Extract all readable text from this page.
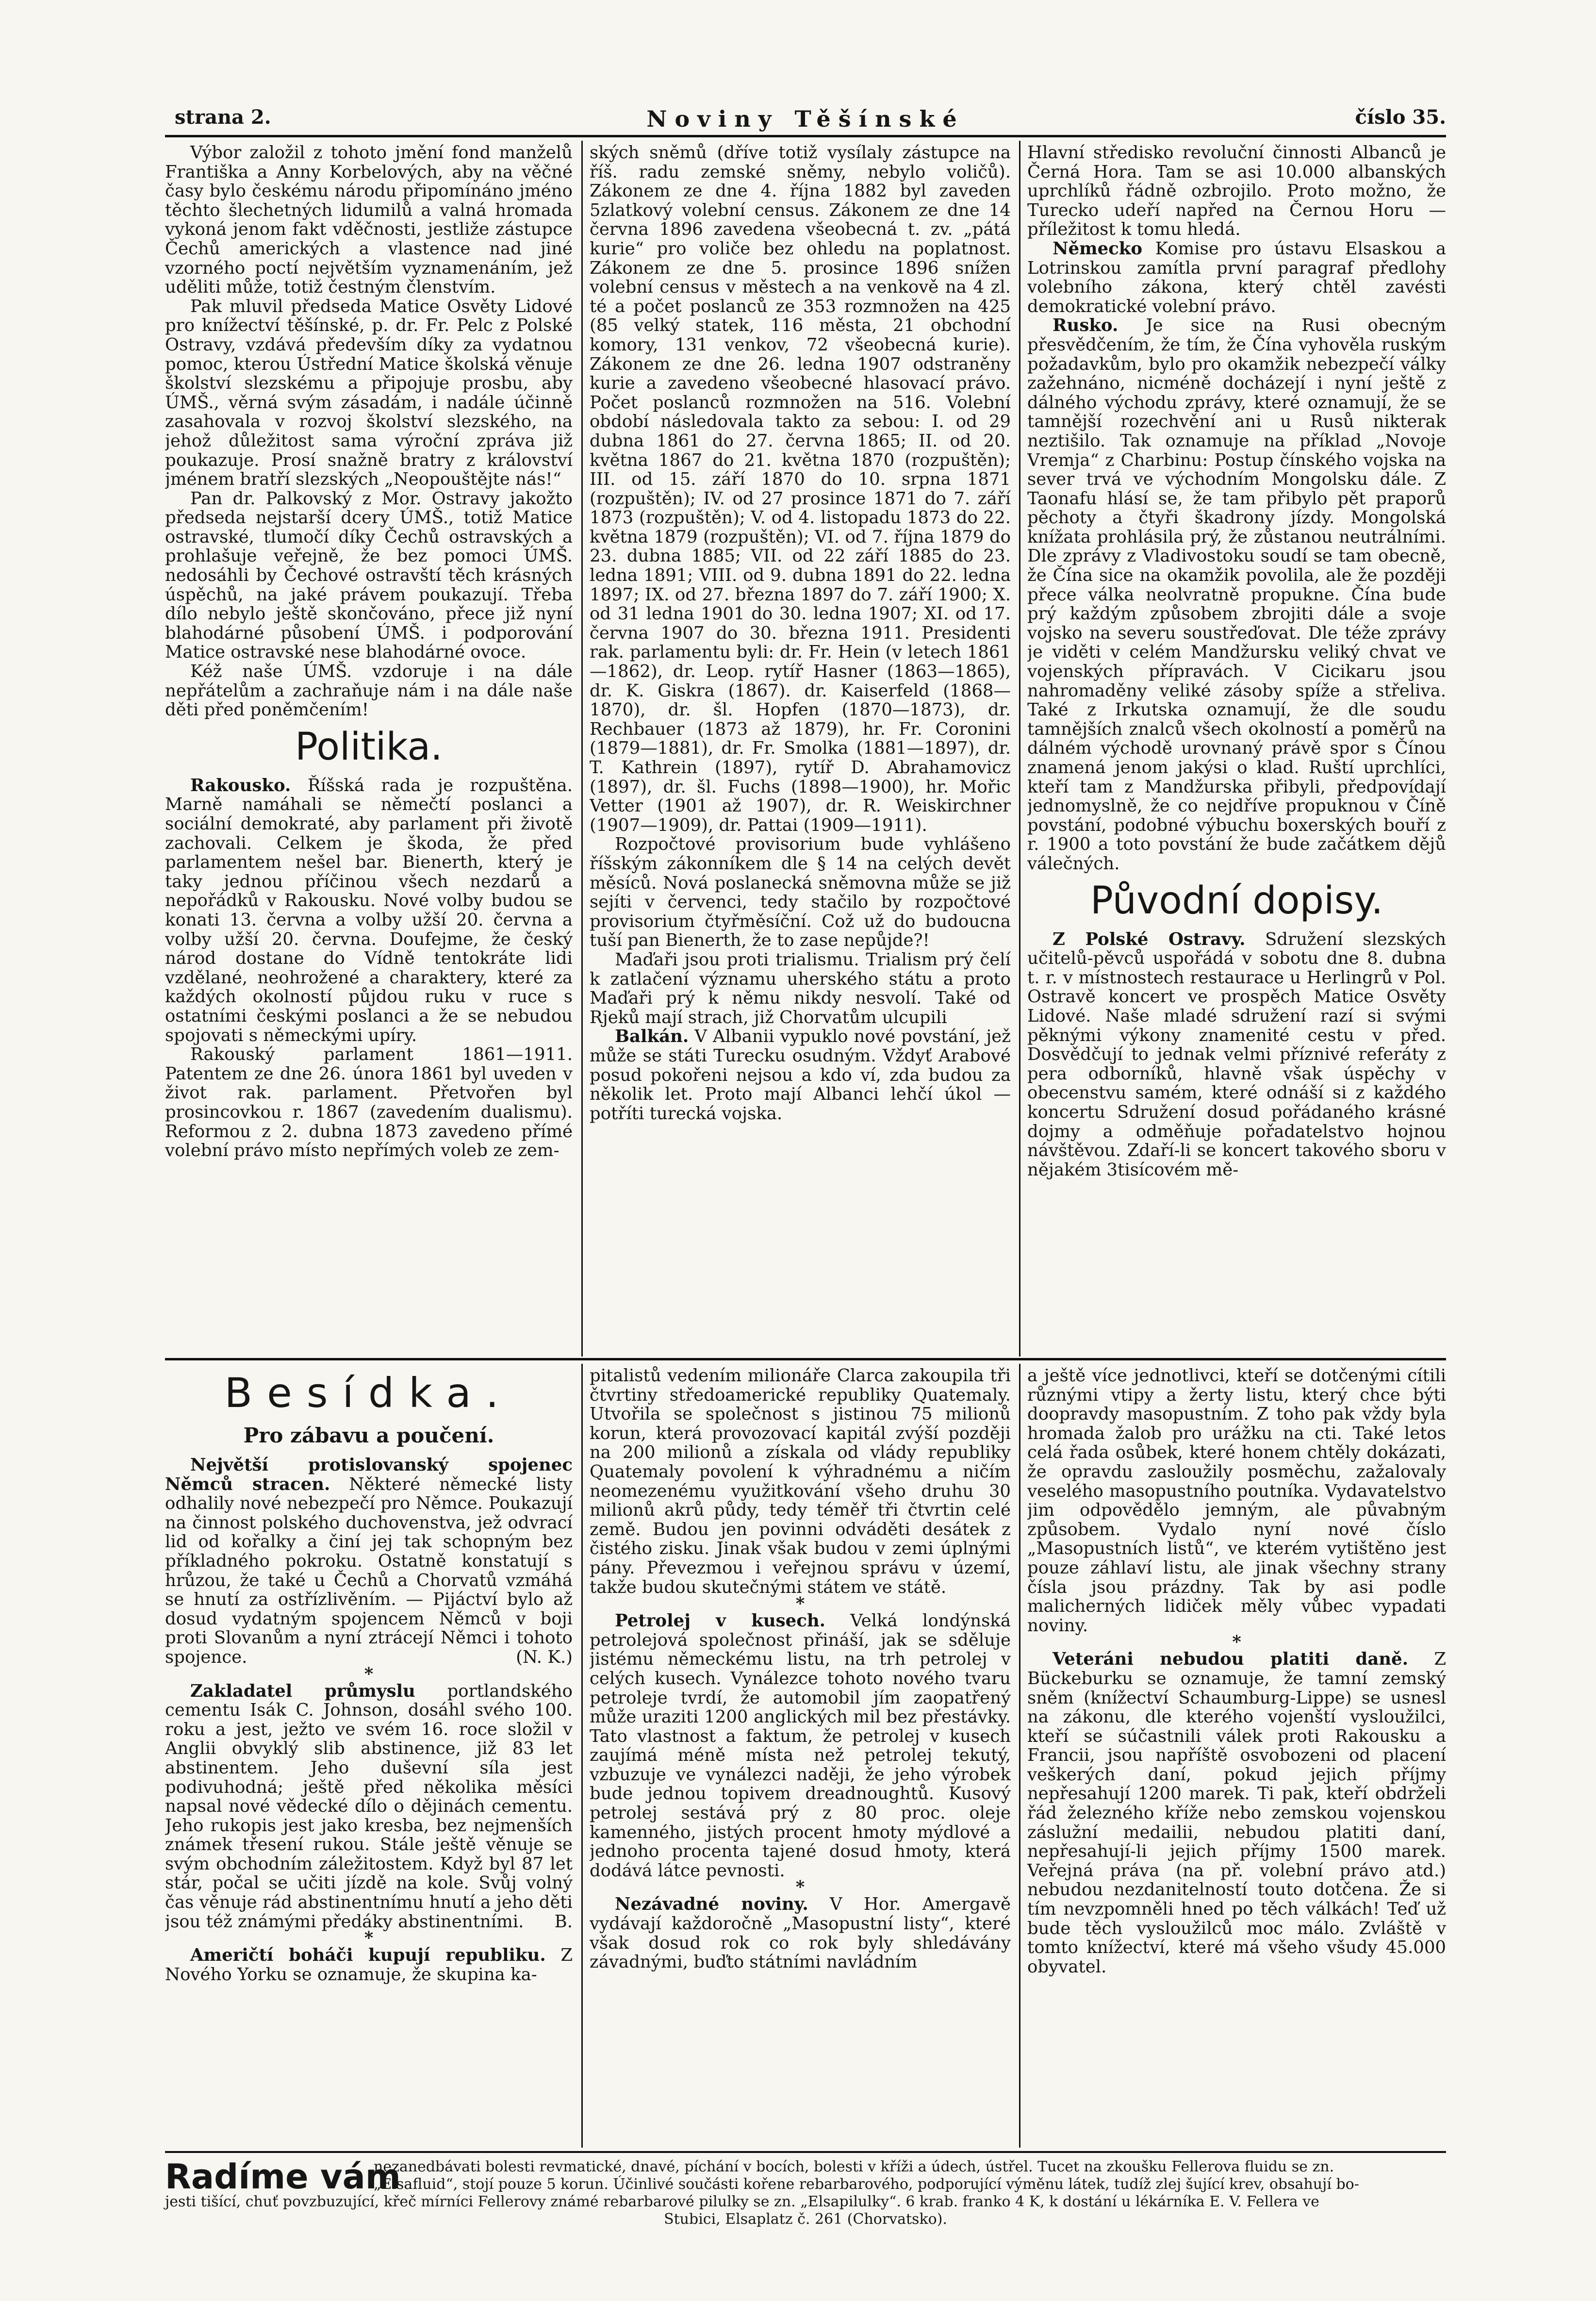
strana 2.	Noviny Těšínské	číslo 35.

Výbor založil z tohoto jmění fond manželů Františka a Anny Korbelových, aby na věčné časy bylo českému národu připomínáno jméno těchto šlechetných lidumilů a valná hromada vykoná jenom fakt vděčnosti, jestliže zástupce Čechů amerických a vlastence nad jiné vzorného poctí největším vyznamenáním, jež uděliti může, totiž čestným členstvím.

Pak mluvil předseda Matice Osvěty Lidové pro knížectví těšínské, p. dr. Fr. Pelc z Polské Ostravy, vzdává především díky za vydatnou pomoc, kterou Ústřední Matice školská věnuje školství slezskému a připojuje prosbu, aby ÚMŠ., věrná svým zásadám, i nadále účinně zasahovala v rozvoj školství slezského, na jehož důležitost sama výroční zpráva již poukazuje. Prosí snažně bratry z království jménem bratří slezských „Neopouštějte nás!“

Pan dr. Palkovský z Mor. Ostravy jakožto předseda nejstarší dcery ÚMŠ., totiž Matice ostravské, tlumočí díky Čechů ostravských a prohlašuje veřejně, že bez pomoci ÚMŠ. nedosáhli by Čechové ostravští těch krásných úspěchů, na jaké právem poukazují. Třeba dílo nebylo ještě skončováno, přece již nyní blahodárné působení ÚMŠ. i podporování Matice ostravské nese blahodárné ovoce.

Kéž naše ÚMŠ. vzdoruje i na dále nepřátelům a zachraňuje nám i na dále naše děti před poněmčením!

Politika.

Rakousko. Říšská rada je rozpuštěna. Marně namáhali se němečtí poslanci a sociální demokraté, aby parlament při životě zachovali. Celkem je škoda, že před parlamentem nešel bar. Bienerth, který je taky jednou příčinou všech nezdarů a nepořádků v Rakousku. Nové volby budou se konati 13. června a volby užší 20. června a volby užší 20. června. Doufejme, že český národ dostane do Vídně tentokráte lidi vzdělané, neohrožené a charaktery, které za každých okolností půjdou ruku v ruce s ostatními českými poslanci a že se nebudou spojovati s německými upíry.

Rakouský parlament 1861—1911. Patentem ze dne 26. února 1861 byl uveden v život rak. parlament. Přetvořen byl prosincovkou r. 1867 (zavedením dualismu). Reformou z 2. dubna 1873 zavedeno přímé volební právo místo nepřímých voleb ze zem-

ských sněmů (dříve totiž vysílaly zástupce na říš. radu zemské sněmy, nebylo voličů). Zákonem ze dne 4. října 1882 byl zaveden 5zlatkový volební census. Zákonem ze dne 14 června 1896 zavedena všeobecná t. zv. „pátá kurie“ pro voliče bez ohledu na poplatnost. Zákonem ze dne 5. prosince 1896 snížen volební census v městech a na venkově na 4 zl. té a počet poslanců ze 353 rozmnožen na 425 (85 velký statek, 116 města, 21 obchodní komory, 131 venkov, 72 všeobecná kurie). Zákonem ze dne 26. ledna 1907 odstraněny kurie a zavedeno všeobecné hlasovací právo. Počet poslanců rozmnožen na 516. Volební období následovala takto za sebou: I. od 29 dubna 1861 do 27. června 1865; II. od 20. května 1867 do 21. května 1870 (rozpuštěn); III. od 15. září 1870 do 10. srpna 1871 (rozpuštěn); IV. od 27 prosince 1871 do 7. září 1873 (rozpuštěn); V. od 4. listopadu 1873 do 22. května 1879 (rozpuštěn); VI. od 7. října 1879 do 23. dubna 1885; VII. od 22 září 1885 do 23. ledna 1891; VIII. od 9. dubna 1891 do 22. ledna 1897; IX. od 27. března 1897 do 7. září 1900; X. od 31 ledna 1901 do 30. ledna 1907; XI. od 17. června 1907 do 30. března 1911. Presidenti rak. parlamentu byli: dr. Fr. Hein (v letech 1861—1862), dr. Leop. rytíř Hasner (1863—1865), dr. K. Giskra (1867). dr. Kaiserfeld (1868—1870), dr. šl. Hopfen (1870—1873), dr. Rechbauer (1873 až 1879), hr. Fr. Coronini (1879—1881), dr. Fr. Smolka (1881—1897), dr. T. Kathrein (1897), rytíř D. Abrahamovicz (1897), dr. šl. Fuchs (1898—1900), hr. Mořic Vetter (1901 až 1907), dr. R. Weiskirchner (1907—1909), dr. Pattai (1909—1911).

Rozpočtové provisorium bude vyhlášeno říšským zákonníkem dle § 14 na celých devět měsíců. Nová poslanecká sněmovna může se již sejíti v červenci, tedy stačilo by rozpočtové provisorium čtyřměsíční. Což už do budoucna tuší pan Bienerth, že to zase nepůjde?!

Maďaři jsou proti trialismu. Trialism prý čelí k zatlačení významu uherského státu a proto Maďaři prý k němu nikdy nesvolí. Také od Rjeků mají strach, již Chorvatům ulcupili

Balkán. V Albanii vypuklo nové povstání, jež může se státi Turecku osudným. Vždyť Arabové posud pokořeni nejsou a kdo ví, zda budou za několik let. Proto mají Albanci lehčí úkol — potříti turecká vojska.

Hlavní středisko revoluční činnosti Albanců je Černá Hora. Tam se asi 10.000 albanských uprchlíků řádně ozbrojilo. Proto možno, že Turecko udeří napřed na Černou Horu — příležitost k tomu hledá.

Německo Komise pro ústavu Elsaskou a Lotrinskou zamítla první paragraf předlohy volebního zákona, který chtěl zavésti demokratické volební právo.

Rusko. Je sice na Rusi obecným přesvědčením, že tím, že Čína vyhověla ruským požadavkům, bylo pro okamžik nebezpečí války zažehnáno, nicméně docházejí i nyní ještě z dálného východu zprávy, které oznamují, že se tamnější rozechvění ani u Rusů nikterak neztišilo. Tak oznamuje na příklad „Novoje Vremja“ z Charbinu: Postup čínského vojska na sever trvá ve východním Mongolsku dále. Z Taonafu hlásí se, že tam přibylo pět praporů pěchoty a čtyři škadrony jízdy. Mongolská knížata prohlásila prý, že zůstanou neutrálními. Dle zprávy z Vladivostoku soudí se tam obecně, že Čína sice na okamžik povolila, ale že později přece válka neolvratně propukne. Čína bude prý každým způsobem zbrojiti dále a svoje vojsko na severu soustřeďovat. Dle téže zprávy je viděti v celém Mandžursku veliký chvat ve vojenských přípravách. V Cicikaru jsou nahromaděny veliké zásoby spíže a střeliva. Také z Irkutska oznamují, že dle soudu tamnějších znalců všech okolností a poměrů na dálném východě urovnaný právě spor s Čínou znamená jenom jakýsi o klad. Ruští uprchlíci, kteří tam z Mandžurska přibyli, předpovídají jednomyslně, že co nejdříve propuknou v Číně povstání, podobné výbuchu boxerských bouří z r. 1900 a toto povstání že bude začátkem dějů válečných.

Původní dopisy.

Z Polské Ostravy. Sdružení slezských učitelů-pěvců uspořádá v sobotu dne 8. dubna t. r. v místnostech restaurace u Herlingrů v Pol. Ostravě koncert ve prospěch Matice Osvěty Lidové. Naše mladé sdružení razí si svými pěknými výkony znamenité cestu v před. Dosvědčují to jednak velmi příznivé referáty z pera odborníků, hlavně však úspěchy v obecenstvu samém, které odnáší si z každého koncertu Sdružení dosud pořádaného krásné dojmy a odměňuje pořadatelstvo hojnou návštěvou. Zdaří-li se koncert takového sboru v nějakém 3tisícovém mě-

Besídka.
Pro zábavu a poučení.

Největší protislovanský spojenec Němců stracen. Některé německé listy odhalily nové nebezpečí pro Němce. Poukazují na činnost polského duchovenstva, jež odvrací lid od kořalky a činí jej tak schopným bez příkladného pokroku. Ostatně konstatují s hrůzou, že také u Čechů a Chorvatů vzmáhá se hnutí za ostřízlivěním. — Pijáctví bylo až dosud vydatným spojencem Němců v boji proti Slovanům a nyní ztrácejí Němci i tohoto spojence.	(N. K.)

*

Zakladatel průmyslu portlandského cementu Isák C. Johnson, dosáhl svého 100. roku a jest, ježto ve svém 16. roce složil v Anglii obvyklý slib abstinence, již 83 let abstinentem. Jeho duševní síla jest podivuhodná; ještě před několika měsíci napsal nové vědecké dílo o dějinách cementu. Jeho rukopis jest jako kresba, bez nejmenších známek třesení rukou. Stále ještě věnuje se svým obchodním záležitostem. Když byl 87 let stár, počal se učiti jízdě na kole. Svůj volný čas věnuje rád abstinentnímu hnutí a jeho děti jsou též známými předáky abstinentními.	B.

*

Američtí boháči kupují republiku. Z Nového Yorku se oznamuje, že skupina ka-

pitalistů vedením milionáře Clarca zakoupila tři čtvrtiny středoamerické republiky Quatemaly. Utvořila se společnost s jistinou 75 milionů korun, která provozovací kapitál zvýší později na 200 milionů a získala od vlády republiky Quatemaly povolení k výhradnému a ničím neomezenému využitkování všeho druhu 30 milionů akrů půdy, tedy téměř tři čtvrtin celé země. Budou jen povinni odváděti desátek z čistého zisku. Jinak však budou v zemi úplnými pány. Převezmou i veřejnou správu v území, takže budou skutečnými státem ve státě.

*

Petrolej v kusech. Velká londýnská petrolejová společnost přináší, jak se sděluje jistému německému listu, na trh petrolej v celých kusech. Vynálezce tohoto nového tvaru petroleje tvrdí, že automobil jím zaopatřený může uraziti 1200 anglických mil bez přestávky. Tato vlastnost a faktum, že petrolej v kusech zaujímá méně místa než petrolej tekutý, vzbuzuje ve vynálezci naději, že jeho výrobek bude jednou topivem dreadnoughtů. Kusový petrolej sestává prý z 80 proc. oleje kamenného, jistých procent hmoty mýdlové a jednoho procenta tajené dosud hmoty, která dodává látce pevnosti.

*

Nezávadné noviny. V Hor. Amergavě vydávají každoročně „Masopustní listy“, které však dosud rok co rok byly shledávány závadnými, buďto státními navládním

a ještě více jednotlivci, kteří se dotčenými cítili různými vtipy a žerty listu, který chce býti doopravdy masopustním. Z toho pak vždy byla hromada žalob pro urážku na cti. Také letos celá řada osůbek, které honem chtěly dokázati, že opravdu zasloužily posměchu, zažalovaly veselého masopustního poutníka. Vydavatelstvo jim odpovědělo jemným, ale půvabným způsobem. Vydalo nyní nové číslo „Masopustních listů“, ve kterém vytištěno jest pouze záhlaví listu, ale jinak všechny strany čísla jsou prázdny. Tak by asi podle malicherných lidiček měly vůbec vypadati noviny.

*

Veteráni nebudou platiti daně. Z Bückeburku se oznamuje, že tamní zemský sněm (knížectví Schaumburg-Lippe) se usnesl na zákonu, dle kterého vojenští vysloužilci, kteří se súčastnili válek proti Rakousku a Francii, jsou napříště osvobozeni od placení veškerých daní, pokud jejich příjmy nepřesahují 1200 marek. Ti pak, kteří obdrželi řád železného kříže nebo zemskou vojenskou záslužní medailii, nebudou platiti daní, nepřesahují-li jejich příjmy 1500 marek. Veřejná práva (na př. volební právo atd.) nebudou nezdanitelností touto dotčena. Že si tím nevzpomněli hned po těch válkách! Teď už bude těch vysloužilců moc málo. Zvláště v tomto knížectví, které má všeho všudy 45.000 obyvatel.

Radíme vám
nezanedbávati bolesti revmatické, dnavé, píchání v bocích, bolesti v kříži a údech, ústřel. Tucet na zkoušku Fellerova fluidu se zn.
„Elsafluid“, stojí pouze 5 korun. Účinlivé součásti kořene rebarbarového, podporující výměnu látek, tudíž zlej šující krev, obsahují bo-
jesti tišící, chuť povzbuzující, křeč mírníci Fellerovy známé rebarbarové pilulky se zn. „Elsapilulky“. 6 krab. franko 4 K, k dostání u lékárníka E. V. Fellera ve
Stubici, Elsaplatz č. 261 (Chorvatsko).
